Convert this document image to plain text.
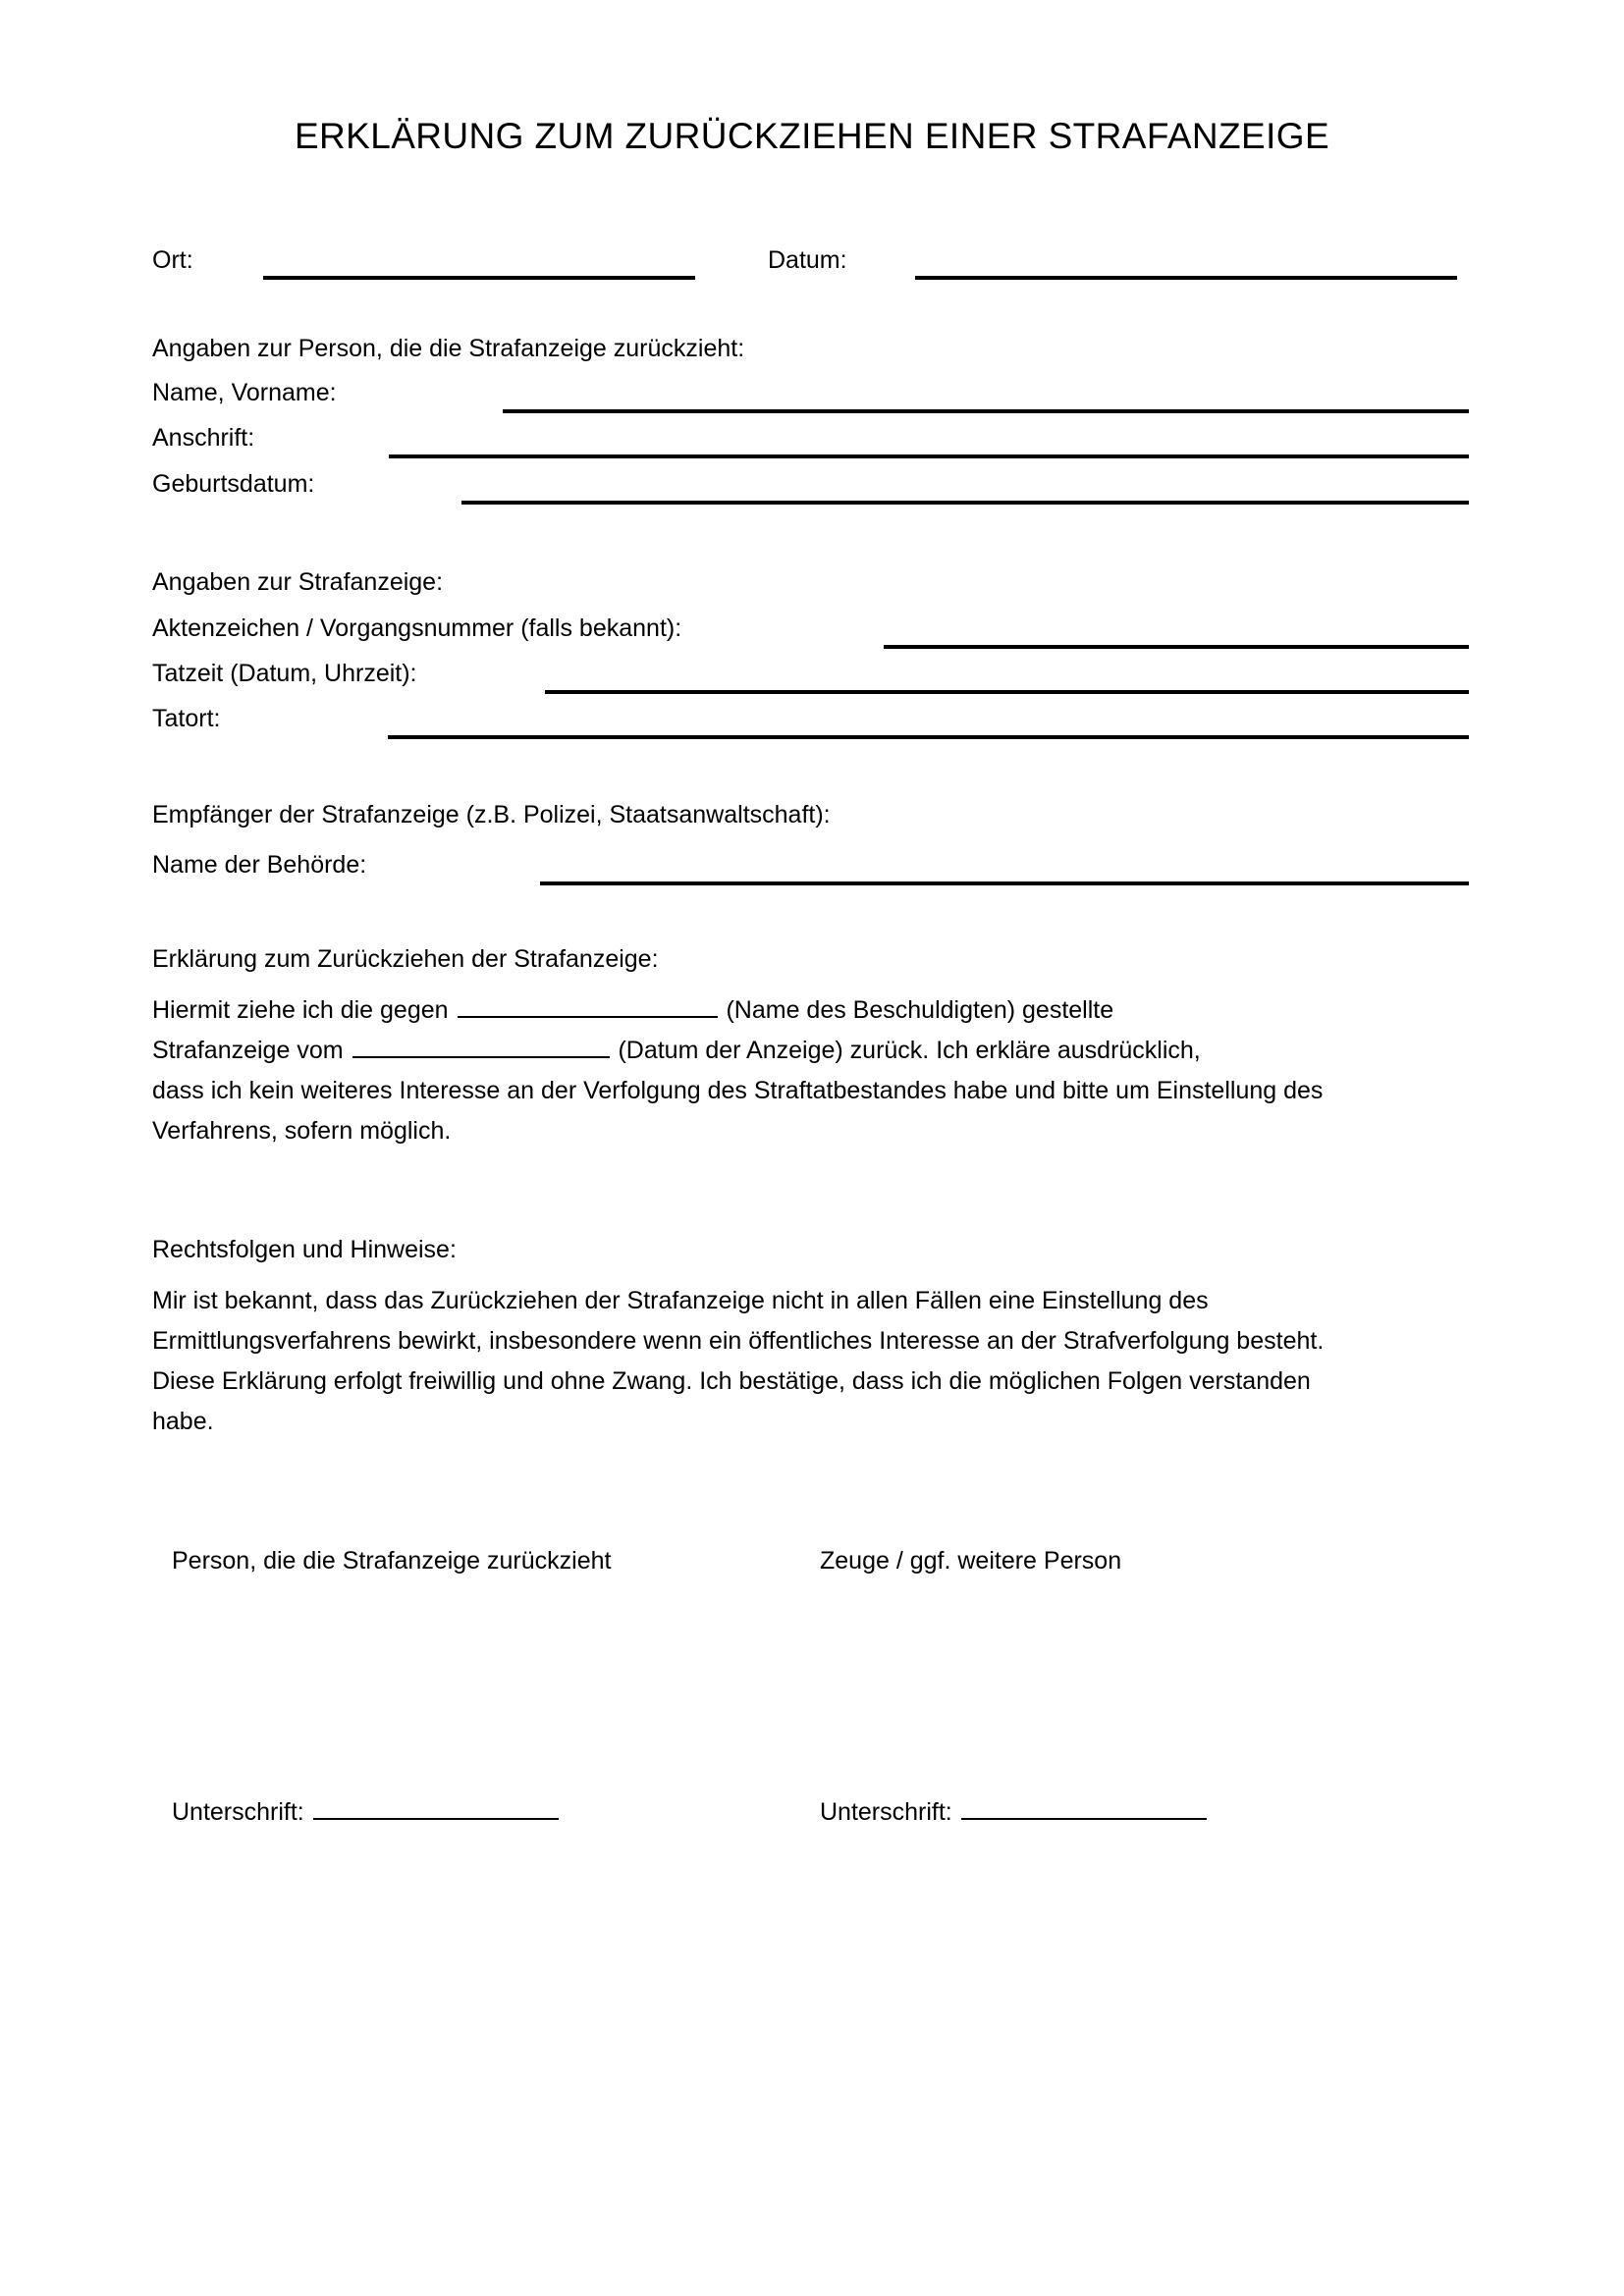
ERKLÄRUNG ZUM ZURÜCKZIEHEN EINER STRAFANZEIGE
Ort:	Datum:
Angaben zur Person, die die Strafanzeige zurückzieht:
Name, Vorname:
Anschrift:
Geburtsdatum:
Angaben zur Strafanzeige:
Aktenzeichen / Vorgangsnummer (falls bekannt):
Tatzeit (Datum, Uhrzeit):
Tatort:
Empfänger der Strafanzeige (z.B. Polizei, Staatsanwaltschaft):
Name der Behörde:
Erklärung zum Zurückziehen der Strafanzeige:
Hiermit ziehe ich die gegen	(Name des Beschuldigten) gestellte
Strafanzeige vom	(Datum der Anzeige) zurück. Ich erkläre ausdrücklich,
dass ich kein weiteres Interesse an der Verfolgung des Straftatbestandes habe und bitte um Einstellung des
Verfahrens, sofern möglich.
Rechtsfolgen und Hinweise:
Mir ist bekannt, dass das Zurückziehen der Strafanzeige nicht in allen Fällen eine Einstellung des
Ermittlungsverfahrens bewirkt, insbesondere wenn ein öffentliches Interesse an der Strafverfolgung besteht.
Diese Erklärung erfolgt freiwillig und ohne Zwang. Ich bestätige, dass ich die möglichen Folgen verstanden
habe.
Person, die die Strafanzeige zurückzieht	Zeuge / ggf. weitere Person
Unterschrift:	Unterschrift:
